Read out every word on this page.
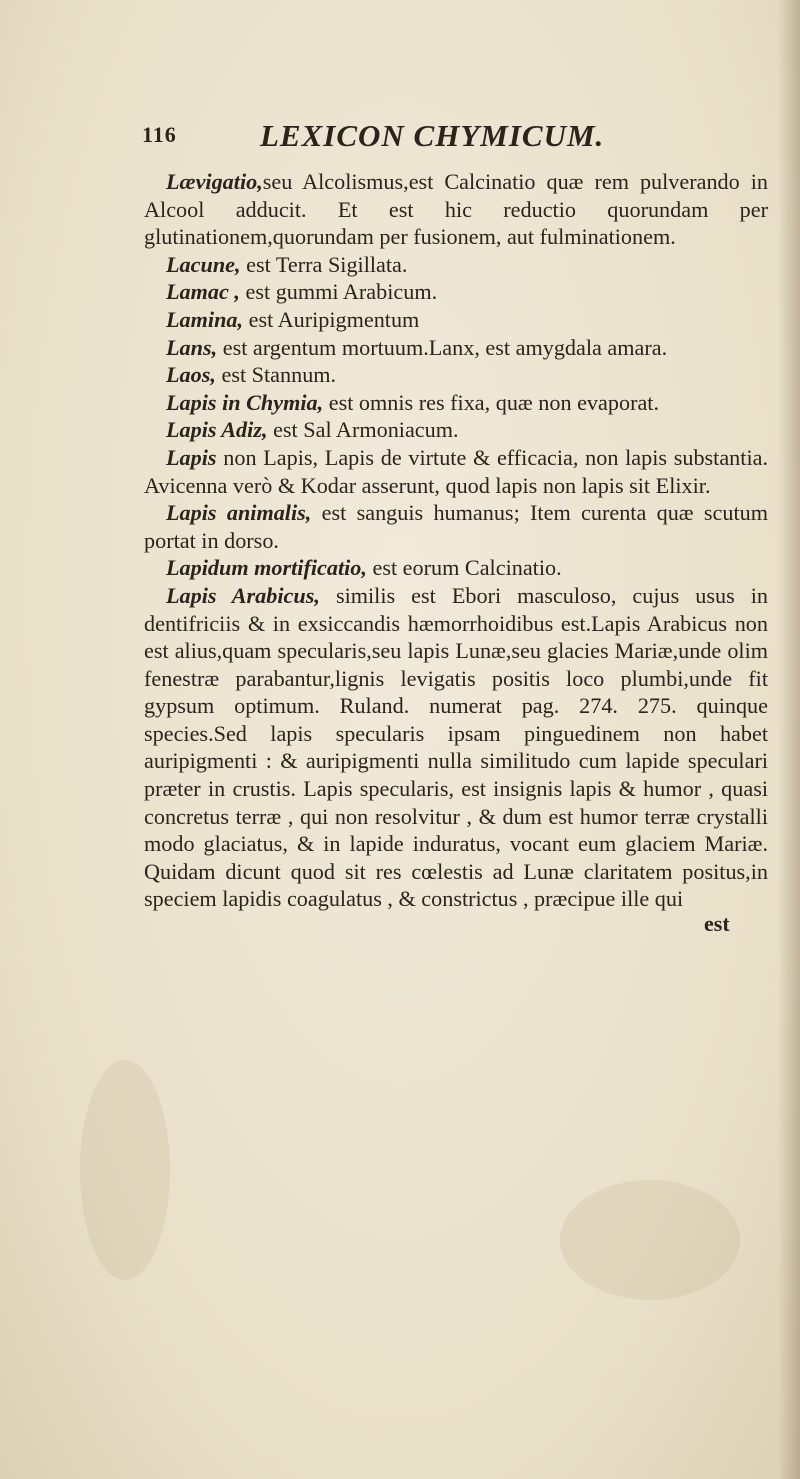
116	LEXICON CHYMICUM.

Lævigatio,seu Alcolismus,est Calcinatio quæ rem pulverando in Alcool adducit. Et est hic reductio quorundam per glutinationem,quorundam per fusionem, aut fulminationem.

Lacune, est Terra Sigillata.

Lamac , est gummi Arabicum.

Lamina, est Auripigmentum

Lans, est argentum mortuum.Lanx, est amygdala amara.

Laos, est Stannum.

Lapis in Chymia, est omnis res fixa, quæ non evaporat.

Lapis Adiz, est Sal Armoniacum.

Lapis non Lapis, Lapis de virtute & efficacia, non lapis substantia. Avicenna verò & Kodar asserunt, quod lapis non lapis sit Elixir.

Lapis animalis, est sanguis humanus; Item curenta quæ scutum portat in dorso.

Lapidum mortificatio, est eorum Calcinatio.

Lapis Arabicus, similis est Ebori masculoso, cujus usus in dentifriciis & in exsiccandis hæmorrhoidibus est.Lapis Arabicus non est alius,quam specularis,seu lapis Lunæ,seu glacies Mariæ,unde olim fenestræ parabantur,lignis levigatis positis loco plumbi,unde fit gypsum optimum. Ruland. numerat pag. 274. 275. quinque species.Sed lapis specularis ipsam pinguedinem non habet auripigmenti : & auripigmenti nulla similitudo cum lapide speculari præter in crustis. Lapis specularis, est insignis lapis & humor , quasi concretus terræ , qui non resolvitur , & dum est humor terræ crystalli modo glaciatus, & in lapide induratus, vocant eum glaciem Mariæ. Quidam dicunt quod sit res cœlestis ad Lunæ claritatem positus,in speciem lapidis coagulatus , & constrictus , præcipue ille qui

est
